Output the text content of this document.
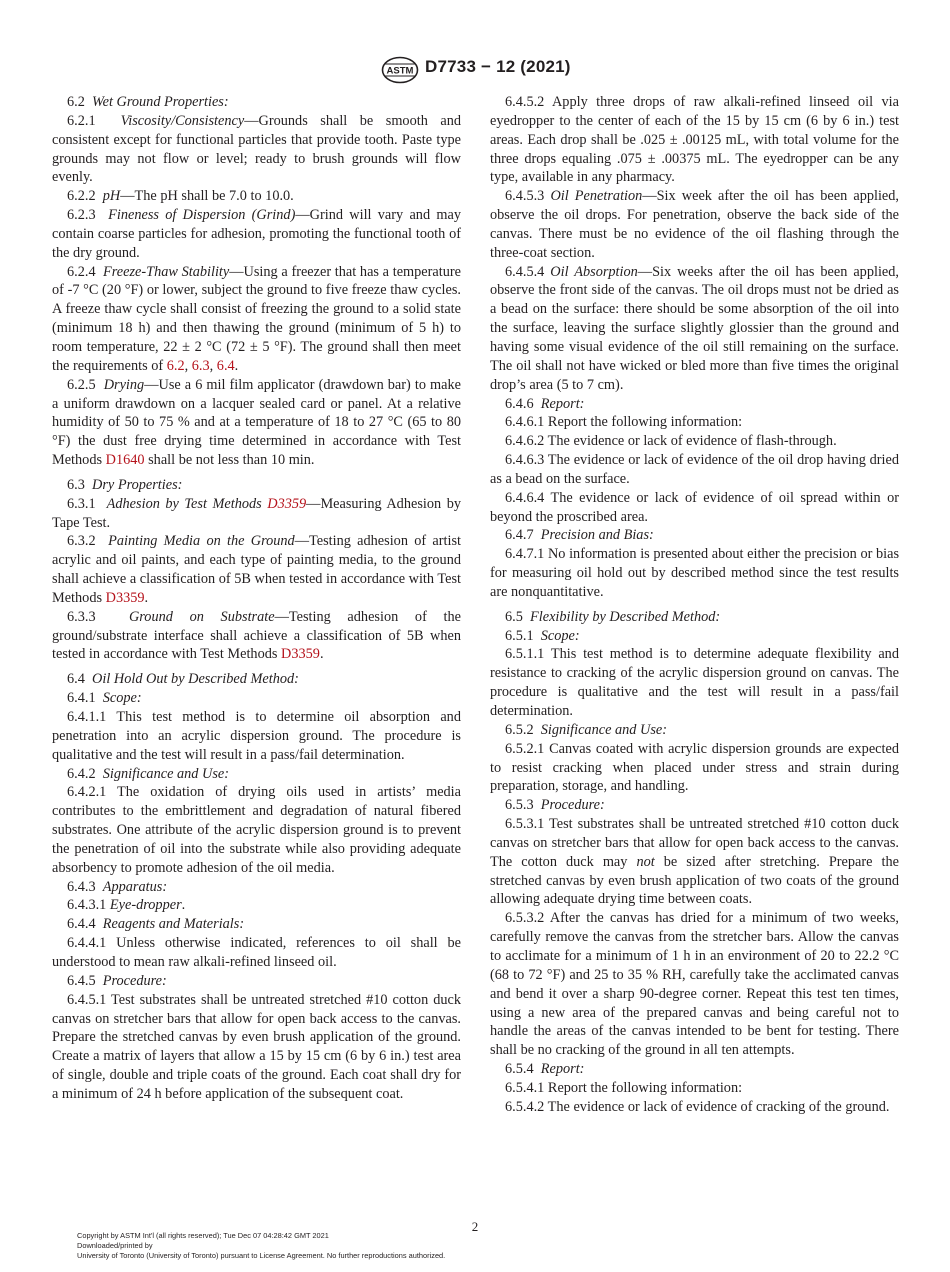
ASTM D7733 − 12 (2021)

6.2 Wet Ground Properties:

6.2.1 Viscosity/Consistency—Grounds shall be smooth and consistent except for functional particles that provide tooth. Paste type grounds may not flow or level; ready to brush grounds will flow evenly.

6.2.2 pH—The pH shall be 7.0 to 10.0.

6.2.3 Fineness of Dispersion (Grind)—Grind will vary and may contain coarse particles for adhesion, promoting the functional tooth of the dry ground.

6.2.4 Freeze-Thaw Stability—Using a freezer that has a temperature of -7 °C (20 °F) or lower, subject the ground to five freeze thaw cycles. A freeze thaw cycle shall consist of freezing the ground to a solid state (minimum 18 h) and then thawing the ground (minimum of 5 h) to room temperature, 22 ± 2 °C (72 ± 5 °F). The ground shall then meet the requirements of 6.2, 6.3, 6.4.

6.2.5 Drying—Use a 6 mil film applicator (drawdown bar) to make a uniform drawdown on a lacquer sealed card or panel. At a relative humidity of 50 to 75 % and at a temperature of 18 to 27 °C (65 to 80 °F) the dust free drying time determined in accordance with Test Methods D1640 shall be not less than 10 min.

6.3 Dry Properties:

6.3.1 Adhesion by Test Methods D3359—Measuring Adhesion by Tape Test.

6.3.2 Painting Media on the Ground—Testing adhesion of artist acrylic and oil paints, and each type of painting media, to the ground shall achieve a classification of 5B when tested in accordance with Test Methods D3359.

6.3.3 Ground on Substrate—Testing adhesion of the ground/substrate interface shall achieve a classification of 5B when tested in accordance with Test Methods D3359.

6.4 Oil Hold Out by Described Method:

6.4.1 Scope:

6.4.1.1 This test method is to determine oil absorption and penetration into an acrylic dispersion ground. The procedure is qualitative and the test will result in a pass/fail determination.

6.4.2 Significance and Use:

6.4.2.1 The oxidation of drying oils used in artists’ media contributes to the embrittlement and degradation of natural fibered substrates. One attribute of the acrylic dispersion ground is to prevent the penetration of oil into the substrate while also providing adequate absorbency to promote adhesion of the oil media.

6.4.3 Apparatus:

6.4.3.1 Eye-dropper.

6.4.4 Reagents and Materials:

6.4.4.1 Unless otherwise indicated, references to oil shall be understood to mean raw alkali-refined linseed oil.

6.4.5 Procedure:

6.4.5.1 Test substrates shall be untreated stretched #10 cotton duck canvas on stretcher bars that allow for open back access to the canvas. Prepare the stretched canvas by even brush application of the ground. Create a matrix of layers that allow a 15 by 15 cm (6 by 6 in.) test area of single, double and triple coats of the ground. Each coat shall dry for a minimum of 24 h before application of the subsequent coat.

6.4.5.2 Apply three drops of raw alkali-refined linseed oil via eyedropper to the center of each of the 15 by 15 cm (6 by 6 in.) test areas. Each drop shall be .025 ± .00125 mL, with total volume for the three drops equaling .075 ± .00375 mL. The eyedropper can be any type, available in any pharmacy.

6.4.5.3 Oil Penetration—Six week after the oil has been applied, observe the oil drops. For penetration, observe the back side of the canvas. There must be no evidence of the oil flashing through the three-coat section.

6.4.5.4 Oil Absorption—Six weeks after the oil has been applied, observe the front side of the canvas. The oil drops must not be dried as a bead on the surface: there should be some absorption of the oil into the surface, leaving the surface slightly glossier than the ground and having some visual evidence of the oil still remaining on the surface. The oil shall not have wicked or bled more than five times the original drop’s area (5 to 7 cm).

6.4.6 Report:

6.4.6.1 Report the following information:

6.4.6.2 The evidence or lack of evidence of flash-through.

6.4.6.3 The evidence or lack of evidence of the oil drop having dried as a bead on the surface.

6.4.6.4 The evidence or lack of evidence of oil spread within or beyond the proscribed area.

6.4.7 Precision and Bias:

6.4.7.1 No information is presented about either the precision or bias for measuring oil hold out by described method since the test results are nonquantitative.

6.5 Flexibility by Described Method:

6.5.1 Scope:

6.5.1.1 This test method is to determine adequate flexibility and resistance to cracking of the acrylic dispersion ground on canvas. The procedure is qualitative and the test will result in a pass/fail determination.

6.5.2 Significance and Use:

6.5.2.1 Canvas coated with acrylic dispersion grounds are expected to resist cracking when placed under stress and strain during preparation, storage, and handling.

6.5.3 Procedure:

6.5.3.1 Test substrates shall be untreated stretched #10 cotton duck canvas on stretcher bars that allow for open back access to the canvas. The cotton duck may not be sized after stretching. Prepare the stretched canvas by even brush application of two coats of the ground allowing adequate drying time between coats.

6.5.3.2 After the canvas has dried for a minimum of two weeks, carefully remove the canvas from the stretcher bars. Allow the canvas to acclimate for a minimum of 1 h in an environment of 20 to 22.2 °C (68 to 72 °F) and 25 to 35 % RH, carefully take the acclimated canvas and bend it over a sharp 90-degree corner. Repeat this test ten times, using a new area of the prepared canvas and being careful not to handle the areas of the canvas intended to be bent for testing. There shall be no cracking of the ground in all ten attempts.

6.5.4 Report:

6.5.4.1 Report the following information:

6.5.4.2 The evidence or lack of evidence of cracking of the ground.

2
Copyright by ASTM Int'l (all rights reserved); Tue Dec 07 04:28:42 GMT 2021
Downloaded/printed by
University of Toronto (University of Toronto) pursuant to License Agreement. No further reproductions authorized.
